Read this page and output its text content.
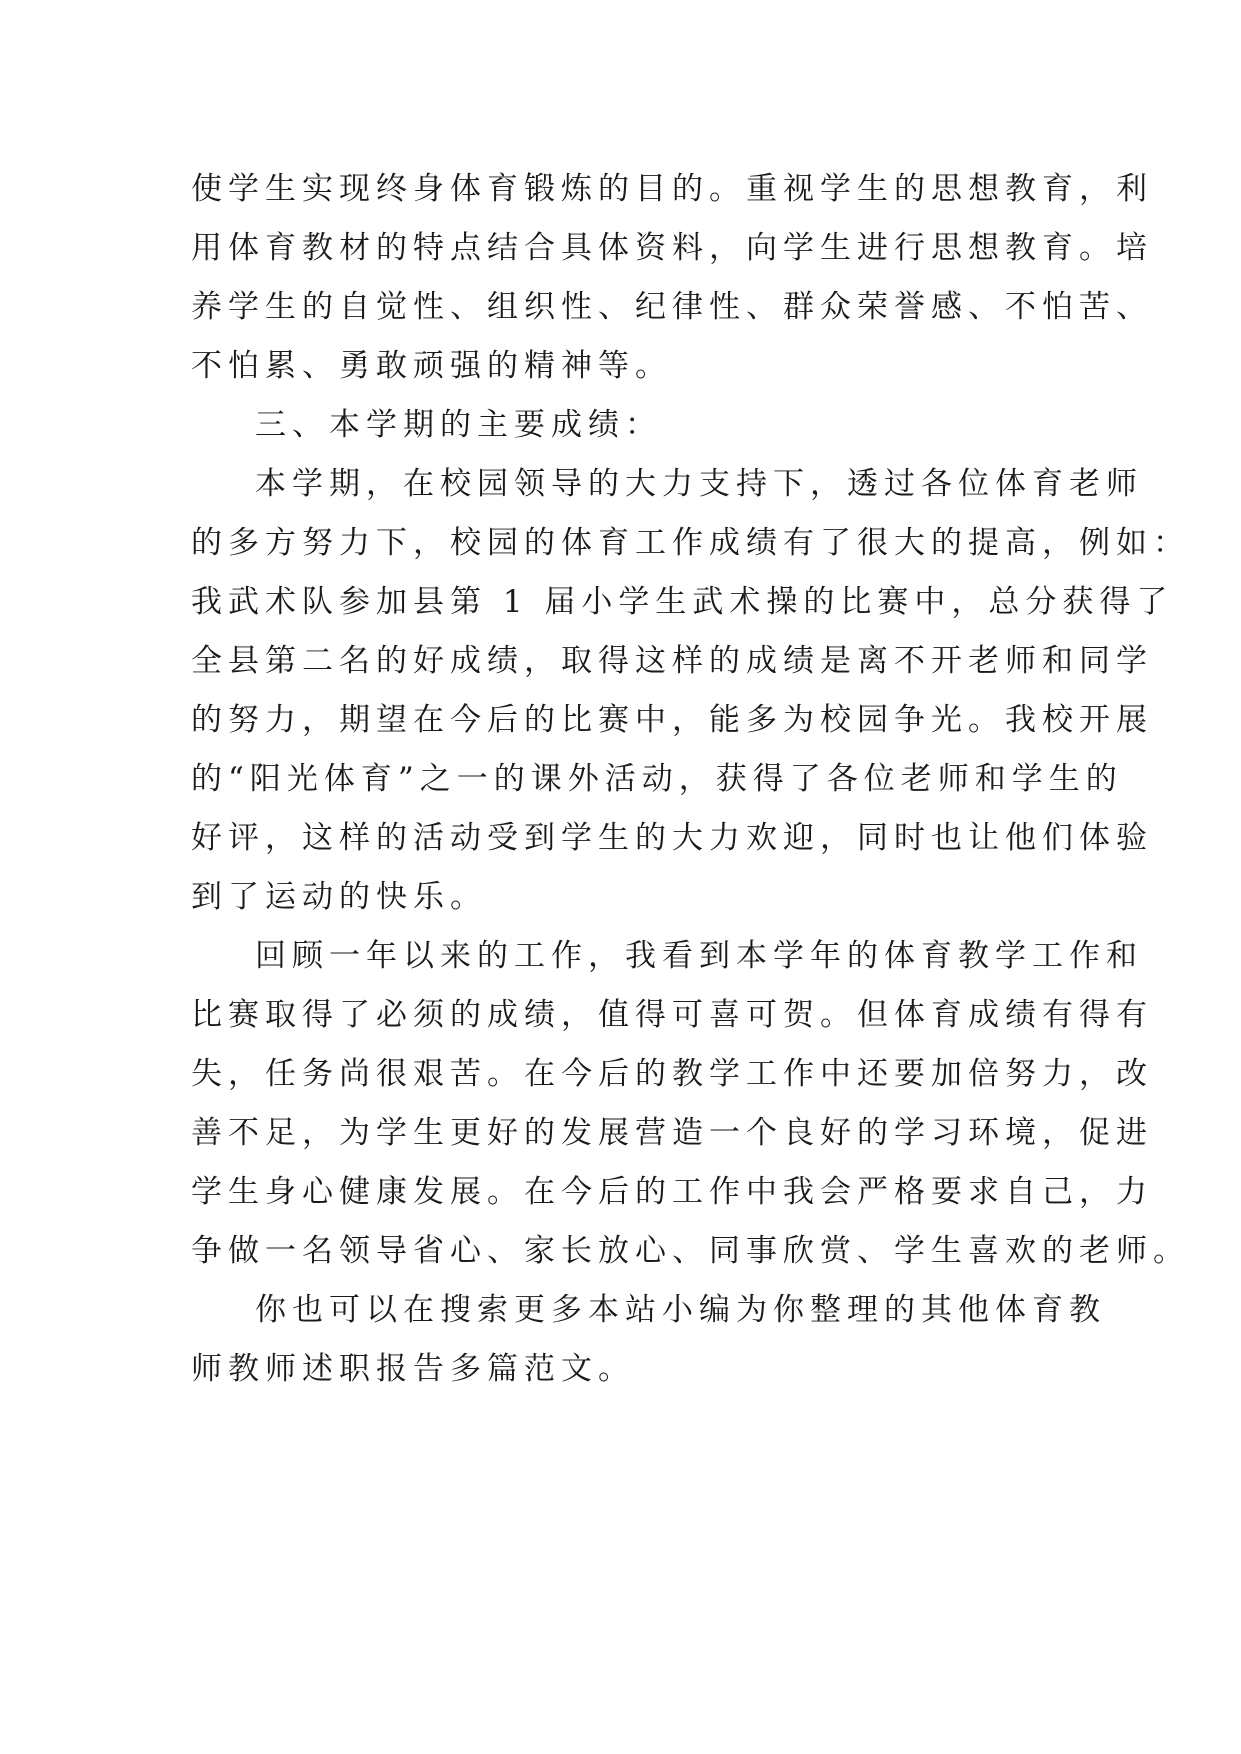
使学生实现终身体育锻炼的目的。重视学生的思想教育，利
用体育教材的特点结合具体资料，向学生进行思想教育。培
养学生的自觉性、组织性、纪律性、群众荣誉感、不怕苦、
不怕累、勇敢顽强的精神等。
三、本学期的主要成绩：
本学期，在校园领导的大力支持下，透过各位体育老师
的多方努力下，校园的体育工作成绩有了很大的提高，例如：
我武术队参加县第 1 届小学生武术操的比赛中，总分获得了
全县第二名的好成绩，取得这样的成绩是离不开老师和同学
的努力，期望在今后的比赛中，能多为校园争光。我校开展
的“阳光体育”之一的课外活动，获得了各位老师和学生的
好评，这样的活动受到学生的大力欢迎，同时也让他们体验
到了运动的快乐。
回顾一年以来的工作，我看到本学年的体育教学工作和
比赛取得了必须的成绩，值得可喜可贺。但体育成绩有得有
失，任务尚很艰苦。在今后的教学工作中还要加倍努力，改
善不足，为学生更好的发展营造一个良好的学习环境，促进
学生身心健康发展。在今后的工作中我会严格要求自己，力
争做一名领导省心、家长放心、同事欣赏、学生喜欢的老师。
你也可以在搜索更多本站小编为你整理的其他体育教
师教师述职报告多篇范文。
